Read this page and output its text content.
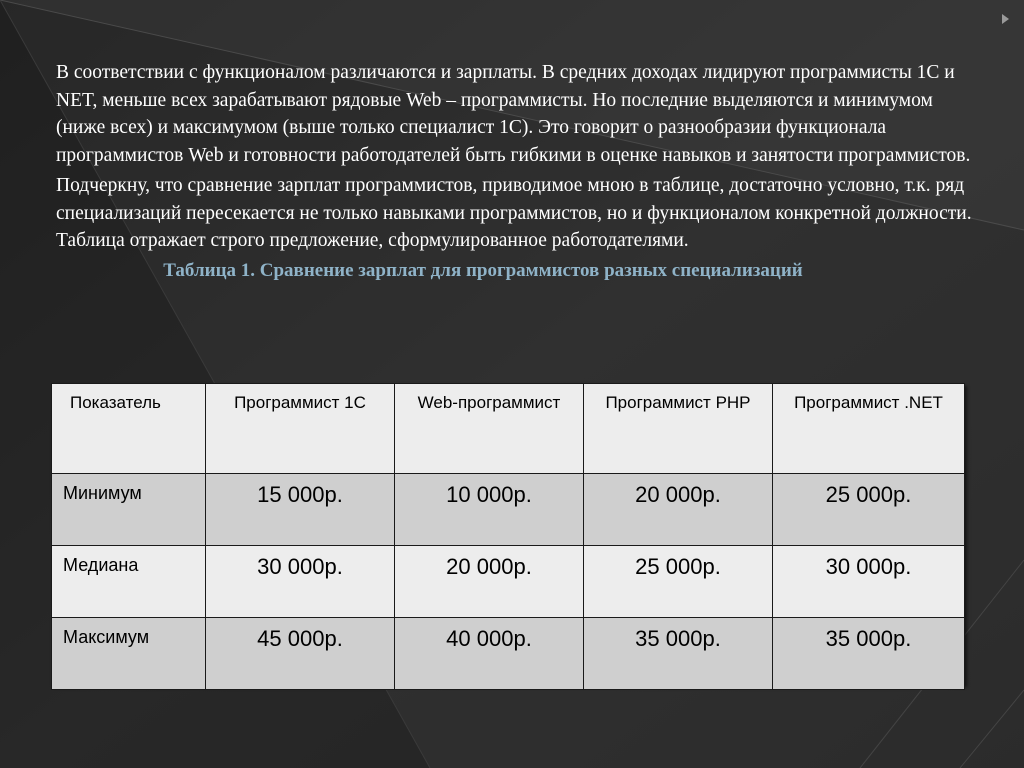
В соответствии с функционалом различаются и зарплаты. В средних доходах лидируют программисты 1С и NET, меньше всех зарабатывают рядовые Web – программисты. Но последние выделяются и минимумом (ниже всех) и максимумом (выше только специалист 1С). Это говорит о разнообразии функционала программистов Web и готовности работодателей быть гибкими в оценке навыков и занятости программистов.

Подчеркну, что сравнение зарплат программистов, приводимое мною в таблице, достаточно условно, т.к. ряд специализаций пересекается не только навыками программистов, но и функционалом конкретной должности. Таблица отражает строго предложение, сформулированное работодателями.

Таблица 1. Сравнение зарплат для программистов разных специализаций

Показатель	Программист 1С	Web-программист	Программист PHP	Программист .NET
Минимум	15 000р.	10 000р.	20 000р.	25 000р.
Медиана	30 000р.	20 000р.	25 000р.	30 000р.
Максимум	45 000р.	40 000р.	35 000р.	35 000р.
